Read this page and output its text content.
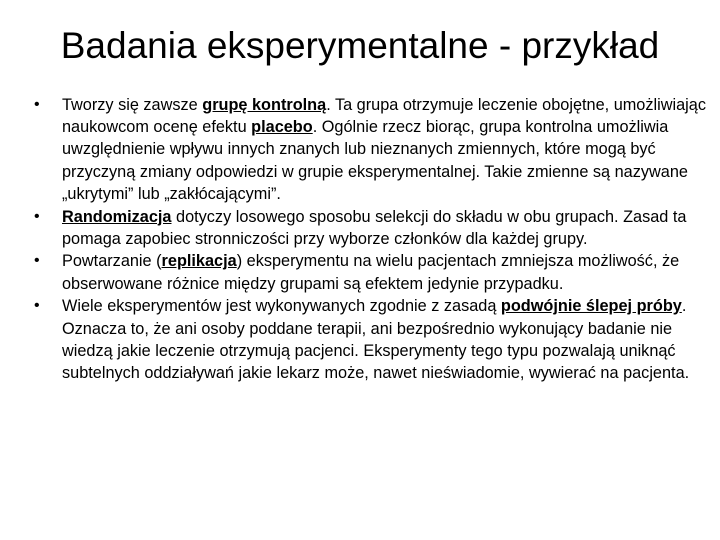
Badania eksperymentalne - przykład
• Tworzy się zawsze grupę kontrolną. Ta grupa otrzymuje leczenie obojętne, umożliwiając naukowcom ocenę efektu placebo. Ogólnie rzecz biorąc, grupa kontrolna umożliwia uwzględnienie wpływu innych znanych lub nieznanych zmiennych, które mogą być przyczyną zmiany odpowiedzi w grupie eksperymentalnej. Takie zmienne są nazywane „ukrytymi” lub „zakłócającymi”.
• Randomizacja dotyczy losowego sposobu selekcji do składu w obu grupach. Zasad ta pomaga zapobiec stronniczości przy wyborze członków dla każdej grupy.
• Powtarzanie (replikacja) eksperymentu na wielu pacjentach zmniejsza możliwość, że obserwowane różnice między grupami są efektem jedynie przypadku.
• Wiele eksperymentów jest wykonywanych zgodnie z zasadą podwójnie ślepej próby. Oznacza to, że ani osoby poddane terapii, ani bezpośrednio wykonujący badanie nie wiedzą jakie leczenie otrzymują pacjenci. Eksperymenty tego typu pozwalają uniknąć subtelnych oddziaływań jakie lekarz może, nawet nieświadomie, wywierać na pacjenta.
